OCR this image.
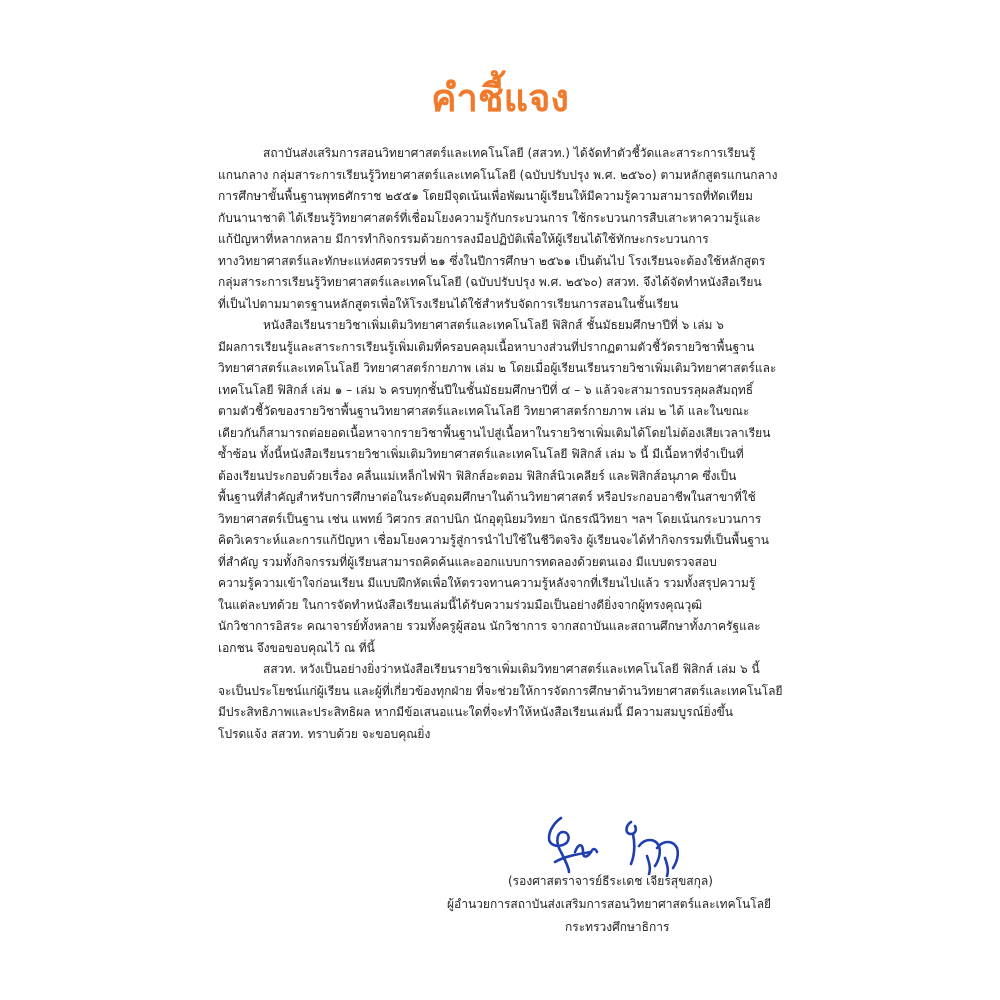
คำชี้แจง
สถาบันส่งเสริมการสอนวิทยาศาสตร์และเทคโนโลยี (สสวท.) ได้จัดทำตัวชี้วัดและสาระการเรียนรู้
แกนกลาง กลุ่มสาระการเรียนรู้วิทยาศาสตร์และเทคโนโลยี (ฉบับปรับปรุง พ.ศ. ๒๕๖๐) ตามหลักสูตรแกนกลาง
การศึกษาขั้นพื้นฐานพุทธศักราช ๒๕๕๑ โดยมีจุดเน้นเพื่อพัฒนาผู้เรียนให้มีความรู้ความสามารถที่ทัดเทียม
กับนานาชาติ ได้เรียนรู้วิทยาศาสตร์ที่เชื่อมโยงความรู้กับกระบวนการ ใช้กระบวนการสืบเสาะหาความรู้และ
แก้ปัญหาที่หลากหลาย มีการทำกิจกรรมด้วยการลงมือปฏิบัติเพื่อให้ผู้เรียนได้ใช้ทักษะกระบวนการ
ทางวิทยาศาสตร์และทักษะแห่งศตวรรษที่ ๒๑ ซึ่งในปีการศึกษา ๒๕๖๑ เป็นต้นไป โรงเรียนจะต้องใช้หลักสูตร
กลุ่มสาระการเรียนรู้วิทยาศาสตร์และเทคโนโลยี (ฉบับปรับปรุง พ.ศ. ๒๕๖๐) สสวท. จึงได้จัดทำหนังสือเรียน
ที่เป็นไปตามมาตรฐานหลักสูตรเพื่อให้โรงเรียนได้ใช้สำหรับจัดการเรียนการสอนในชั้นเรียน
หนังสือเรียนรายวิชาเพิ่มเติมวิทยาศาสตร์และเทคโนโลยี ฟิสิกส์ ชั้นมัธยมศึกษาปีที่ ๖ เล่ม ๖
มีผลการเรียนรู้และสาระการเรียนรู้เพิ่มเติมที่ครอบคลุมเนื้อหาบางส่วนที่ปรากฏตามตัวชี้วัดรายวิชาพื้นฐาน
วิทยาศาสตร์และเทคโนโลยี วิทยาศาสตร์กายภาพ เล่ม ๒ โดยเมื่อผู้เรียนเรียนรายวิชาเพิ่มเติมวิทยาศาสตร์และ
เทคโนโลยี ฟิสิกส์ เล่ม ๑ – เล่ม ๖ ครบทุกชั้นปีในชั้นมัธยมศึกษาปีที่ ๔ – ๖ แล้วจะสามารถบรรลุผลสัมฤทธิ์
ตามตัวชี้วัดของรายวิชาพื้นฐานวิทยาศาสตร์และเทคโนโลยี วิทยาศาสตร์กายภาพ เล่ม ๒ ได้ และในขณะ
เดียวกันก็สามารถต่อยอดเนื้อหาจากรายวิชาพื้นฐานไปสู่เนื้อหาในรายวิชาเพิ่มเติมได้โดยไม่ต้องเสียเวลาเรียน
ซ้ำซ้อน ทั้งนี้หนังสือเรียนรายวิชาเพิ่มเติมวิทยาศาสตร์และเทคโนโลยี ฟิสิกส์ เล่ม ๖ นี้ มีเนื้อหาที่จำเป็นที่
ต้องเรียนประกอบด้วยเรื่อง คลื่นแม่เหล็กไฟฟ้า ฟิสิกส์อะตอม ฟิสิกส์นิวเคลียร์ และฟิสิกส์อนุภาค ซึ่งเป็น
พื้นฐานที่สำคัญสำหรับการศึกษาต่อในระดับอุดมศึกษาในด้านวิทยาศาสตร์ หรือประกอบอาชีพในสาขาที่ใช้
วิทยาศาสตร์เป็นฐาน เช่น แพทย์ วิศวกร สถาปนิก นักอุตุนิยมวิทยา นักธรณีวิทยา ฯลฯ โดยเน้นกระบวนการ
คิดวิเคราะห์และการแก้ปัญหา เชื่อมโยงความรู้สู่การนำไปใช้ในชีวิตจริง ผู้เรียนจะได้ทำกิจกรรมที่เป็นพื้นฐาน
ที่สำคัญ รวมทั้งกิจกรรมที่ผู้เรียนสามารถคิดค้นและออกแบบการทดลองด้วยตนเอง มีแบบตรวจสอบ
ความรู้ความเข้าใจก่อนเรียน มีแบบฝึกหัดเพื่อให้ตรวจทานความรู้หลังจากที่เรียนไปแล้ว รวมทั้งสรุปความรู้
ในแต่ละบทด้วย ในการจัดทำหนังสือเรียนเล่มนี้ได้รับความร่วมมือเป็นอย่างดียิ่งจากผู้ทรงคุณวุฒิ
นักวิชาการอิสระ คณาจารย์ทั้งหลาย รวมทั้งครูผู้สอน นักวิชาการ จากสถาบันและสถานศึกษาทั้งภาครัฐและ
เอกชน จึงขอขอบคุณไว้ ณ ที่นี้
สสวท. หวังเป็นอย่างยิ่งว่าหนังสือเรียนรายวิชาเพิ่มเติมวิทยาศาสตร์และเทคโนโลยี ฟิสิกส์ เล่ม ๖ นี้
จะเป็นประโยชน์แก่ผู้เรียน และผู้ที่เกี่ยวข้องทุกฝ่าย ที่จะช่วยให้การจัดการศึกษาด้านวิทยาศาสตร์และเทคโนโลยี
มีประสิทธิภาพและประสิทธิผล หากมีข้อเสนอแนะใดที่จะทำให้หนังสือเรียนเล่มนี้ มีความสมบูรณ์ยิ่งขึ้น
โปรดแจ้ง สสวท. ทราบด้วย จะขอบคุณยิ่ง
(รองศาสตราจารย์ธีระเดช เจียรสุขสกุล)
ผู้อำนวยการสถาบันส่งเสริมการสอนวิทยาศาสตร์และเทคโนโลยี
กระทรวงศึกษาธิการ
